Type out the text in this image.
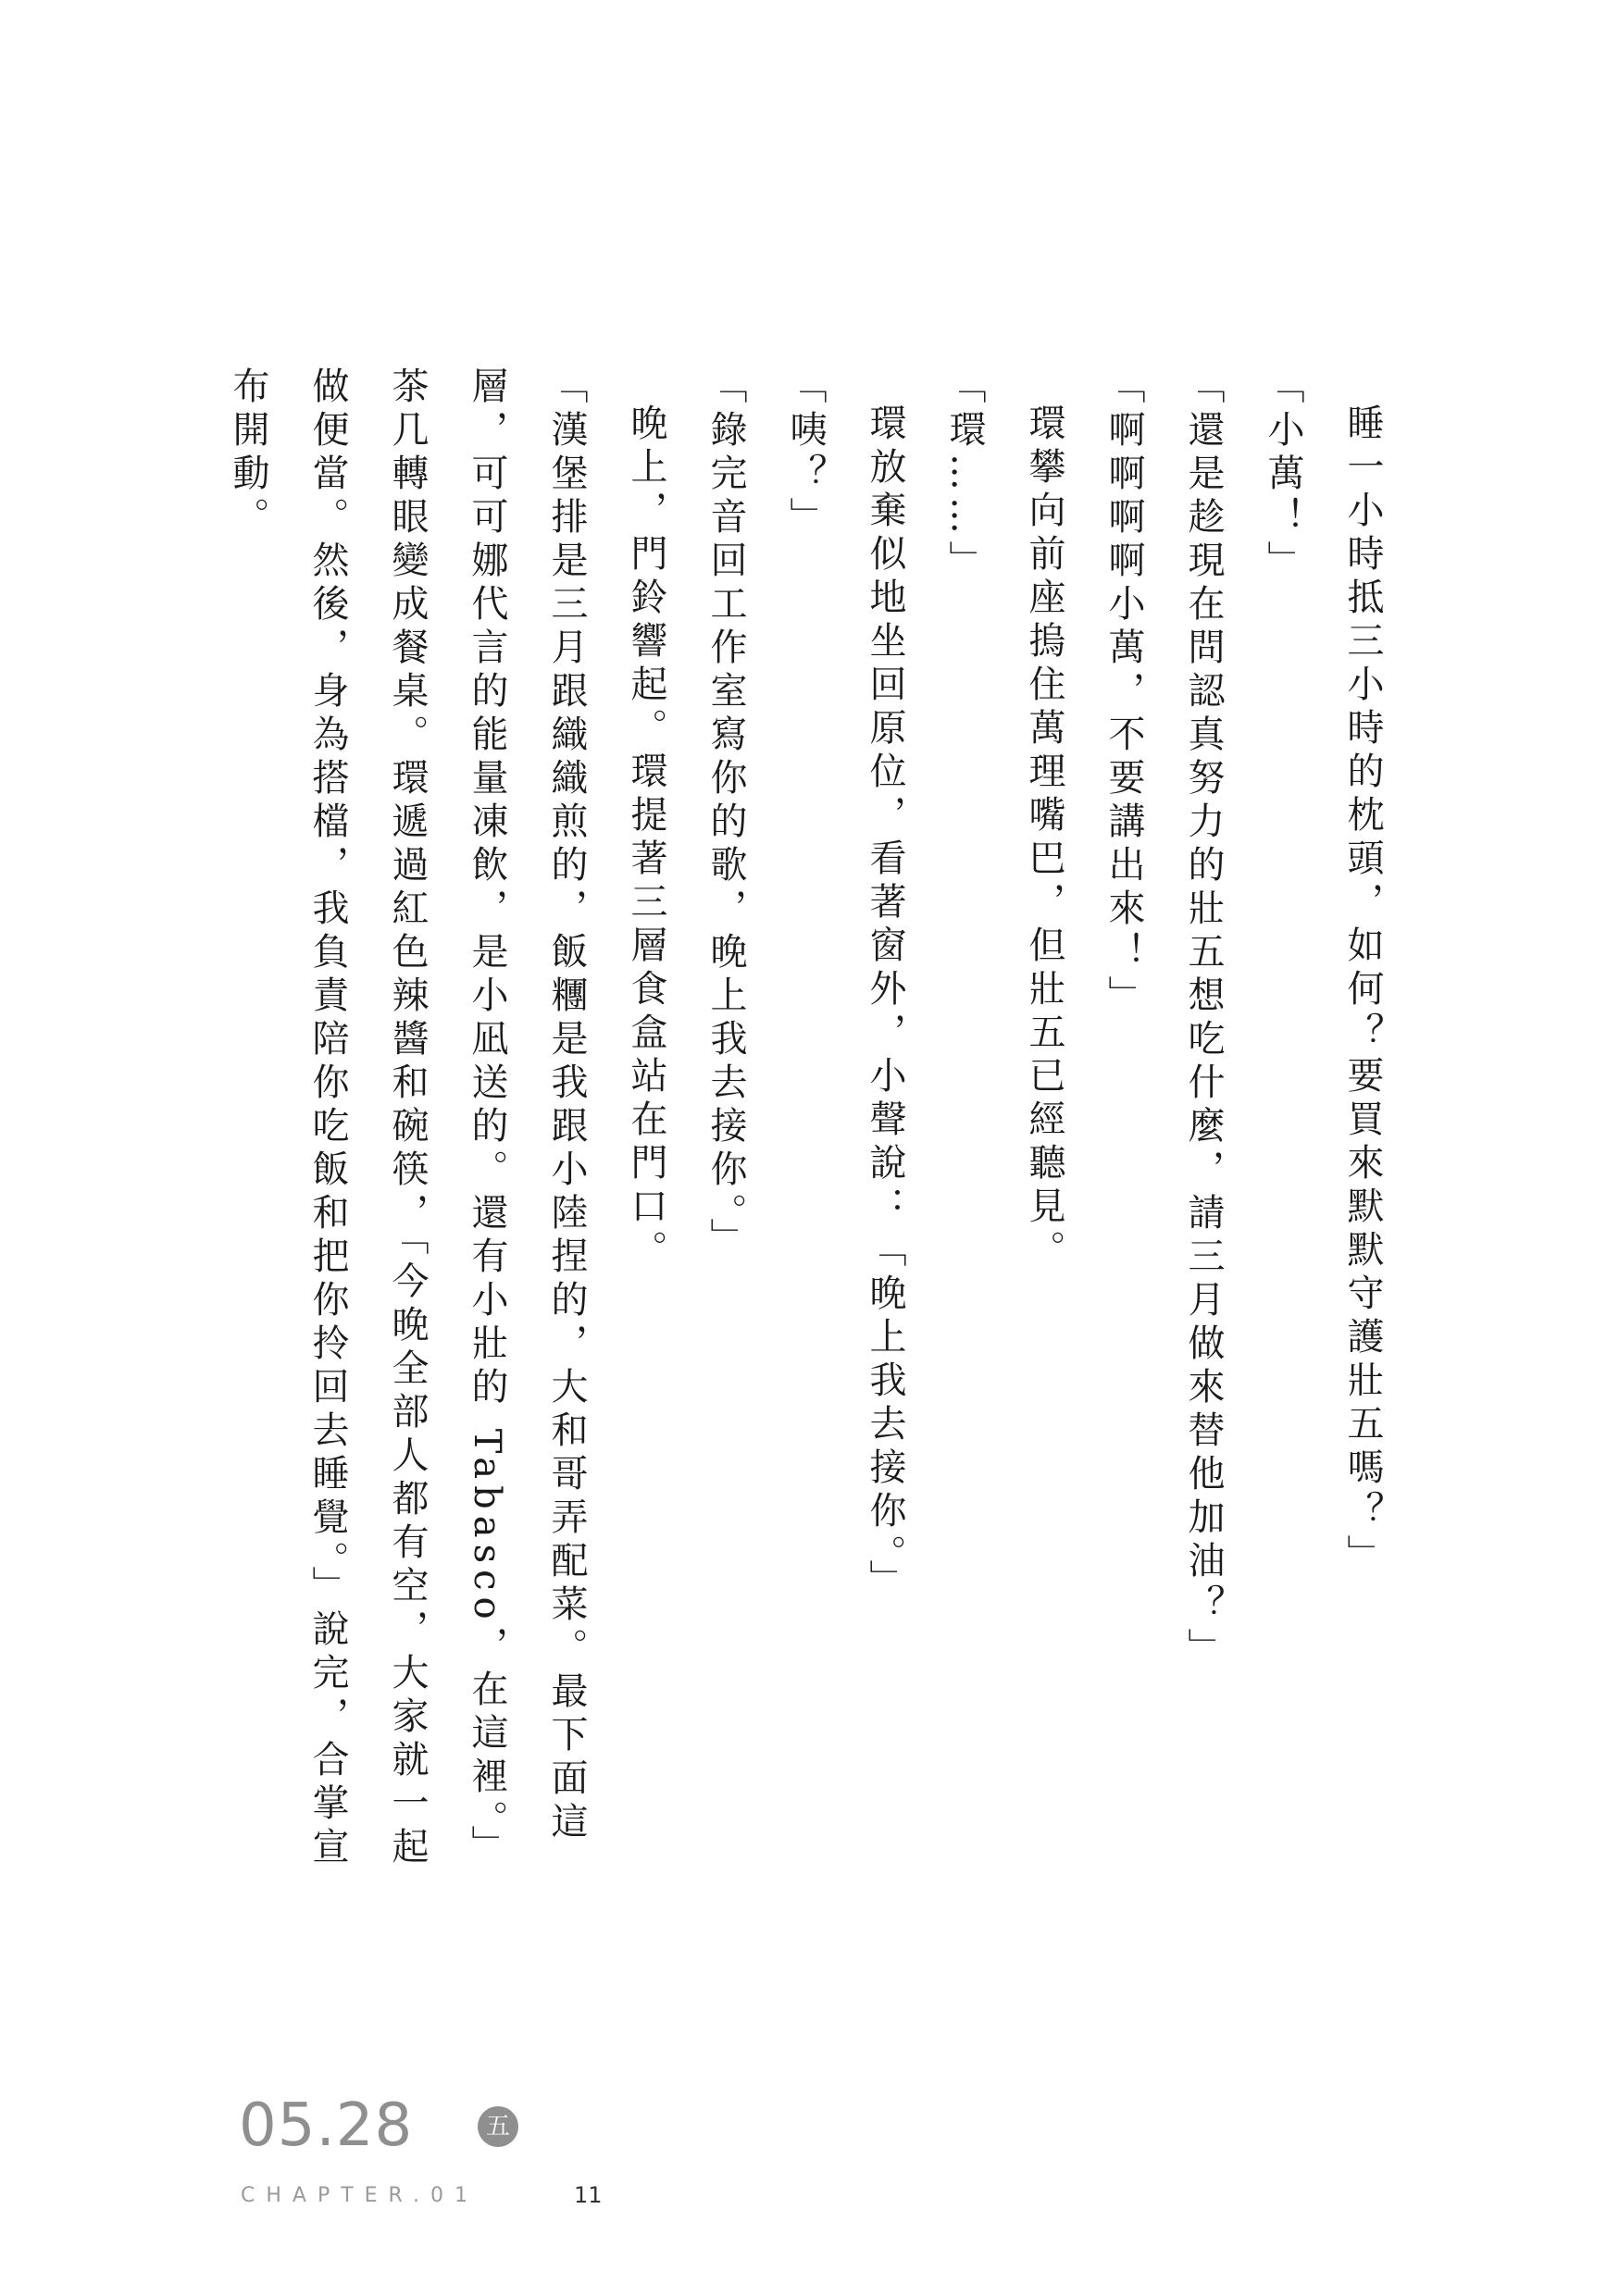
睡一小時抵三小時的枕頭，如何？要買來默默守護壯五嗎？」

「小萬！」

「還是趁現在問認真努力的壯五想吃什麼，請三月做來替他加油？」

「啊啊啊啊小萬，不要講出來！」

環攀向前座摀住萬理嘴巴，但壯五已經聽見。

「環……」

環放棄似地坐回原位，看著窗外，小聲說：「晚上我去接你。」

「咦？」

「錄完音回工作室寫你的歌，晚上我去接你。」

晚上，門鈴響起。環提著三層食盒站在門口。

「漢堡排是三月跟織織煎的，飯糰是我跟小陸捏的，大和哥弄配菜。最下面這層，可可娜代言的能量凍飲，是小凪送的。還有小壯的 Tabasco，在這裡。」茶几轉眼變成餐桌。環遞過紅色辣醬和碗筷，「今晚全部人都有空，大家就一起做便當。然後，身為搭檔，我負責陪你吃飯和把你拎回去睡覺。」說完，合掌宣布開動。

05.28	五
CHAPTER.01	11
